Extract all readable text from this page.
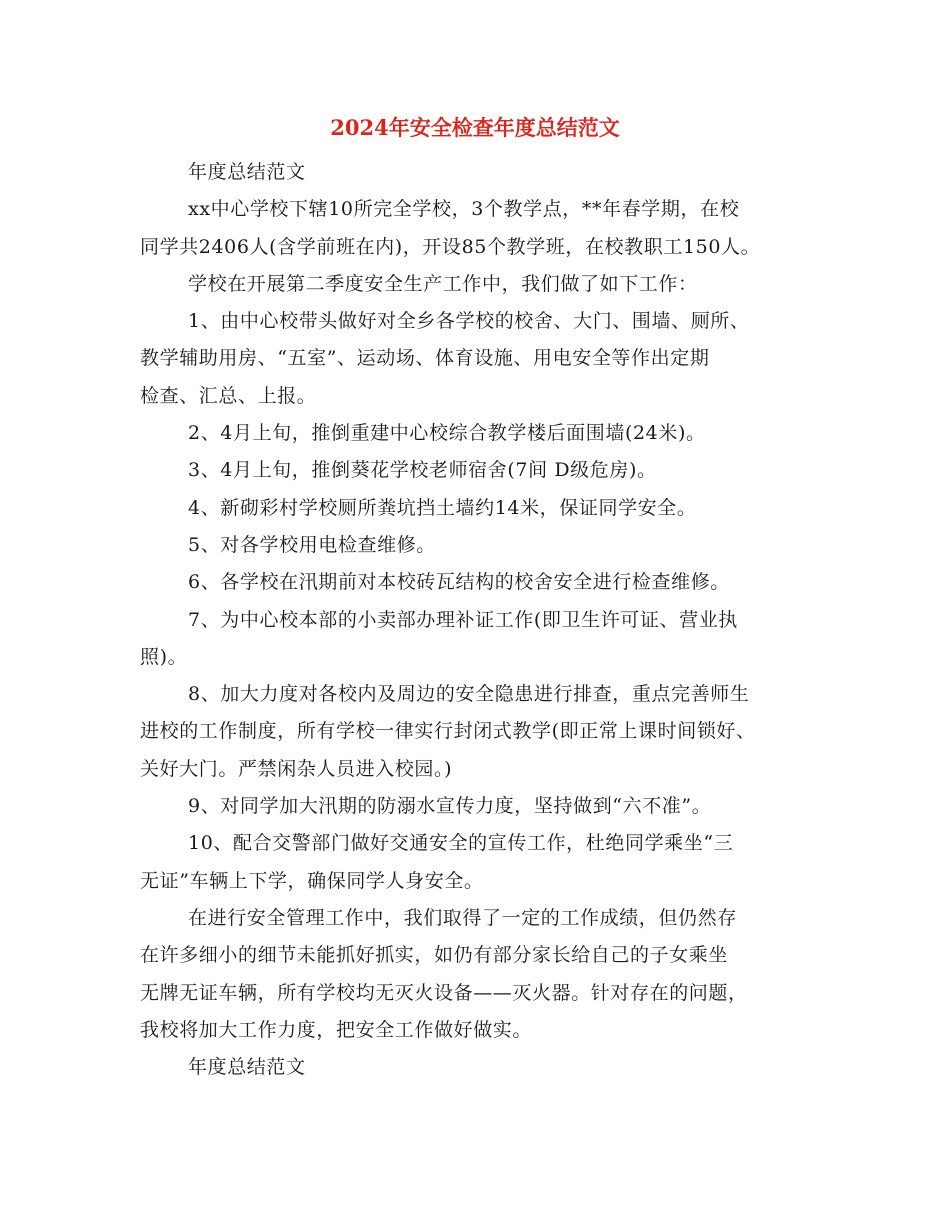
2024年安全检查年度总结范文

年度总结范文

xx中心学校下辖10所完全学校，3个教学点，**年春学期，在校
同学共2406人(含学前班在内)，开设85个教学班，在校教职工150人。

学校在开展第二季度安全生产工作中，我们做了如下工作：

1、由中心校带头做好对全乡各学校的校舍、大门、围墙、厕所、
教学辅助用房、“五室”、运动场、体育设施、用电安全等作出定期
检查、汇总、上报。

2、4月上旬，推倒重建中心校综合教学楼后面围墙(24米)。

3、4月上旬，推倒葵花学校老师宿舍(7间 D级危房)。

4、新砌彩村学校厕所粪坑挡土墙约14米，保证同学安全。

5、对各学校用电检查维修。

6、各学校在汛期前对本校砖瓦结构的校舍安全进行检查维修。

7、为中心校本部的小卖部办理补证工作(即卫生许可证、营业执
照)。

8、加大力度对各校内及周边的安全隐患进行排查，重点完善师生
进校的工作制度，所有学校一律实行封闭式教学(即正常上课时间锁好、
关好大门。严禁闲杂人员进入校园。)

9、对同学加大汛期的防溺水宣传力度，坚持做到“六不准”。

10、配合交警部门做好交通安全的宣传工作，杜绝同学乘坐“三
无证”车辆上下学，确保同学人身安全。

在进行安全管理工作中，我们取得了一定的工作成绩，但仍然存
在许多细小的细节未能抓好抓实，如仍有部分家长给自己的子女乘坐
无牌无证车辆，所有学校均无灭火设备——灭火器。针对存在的问题，
我校将加大工作力度，把安全工作做好做实。

年度总结范文
